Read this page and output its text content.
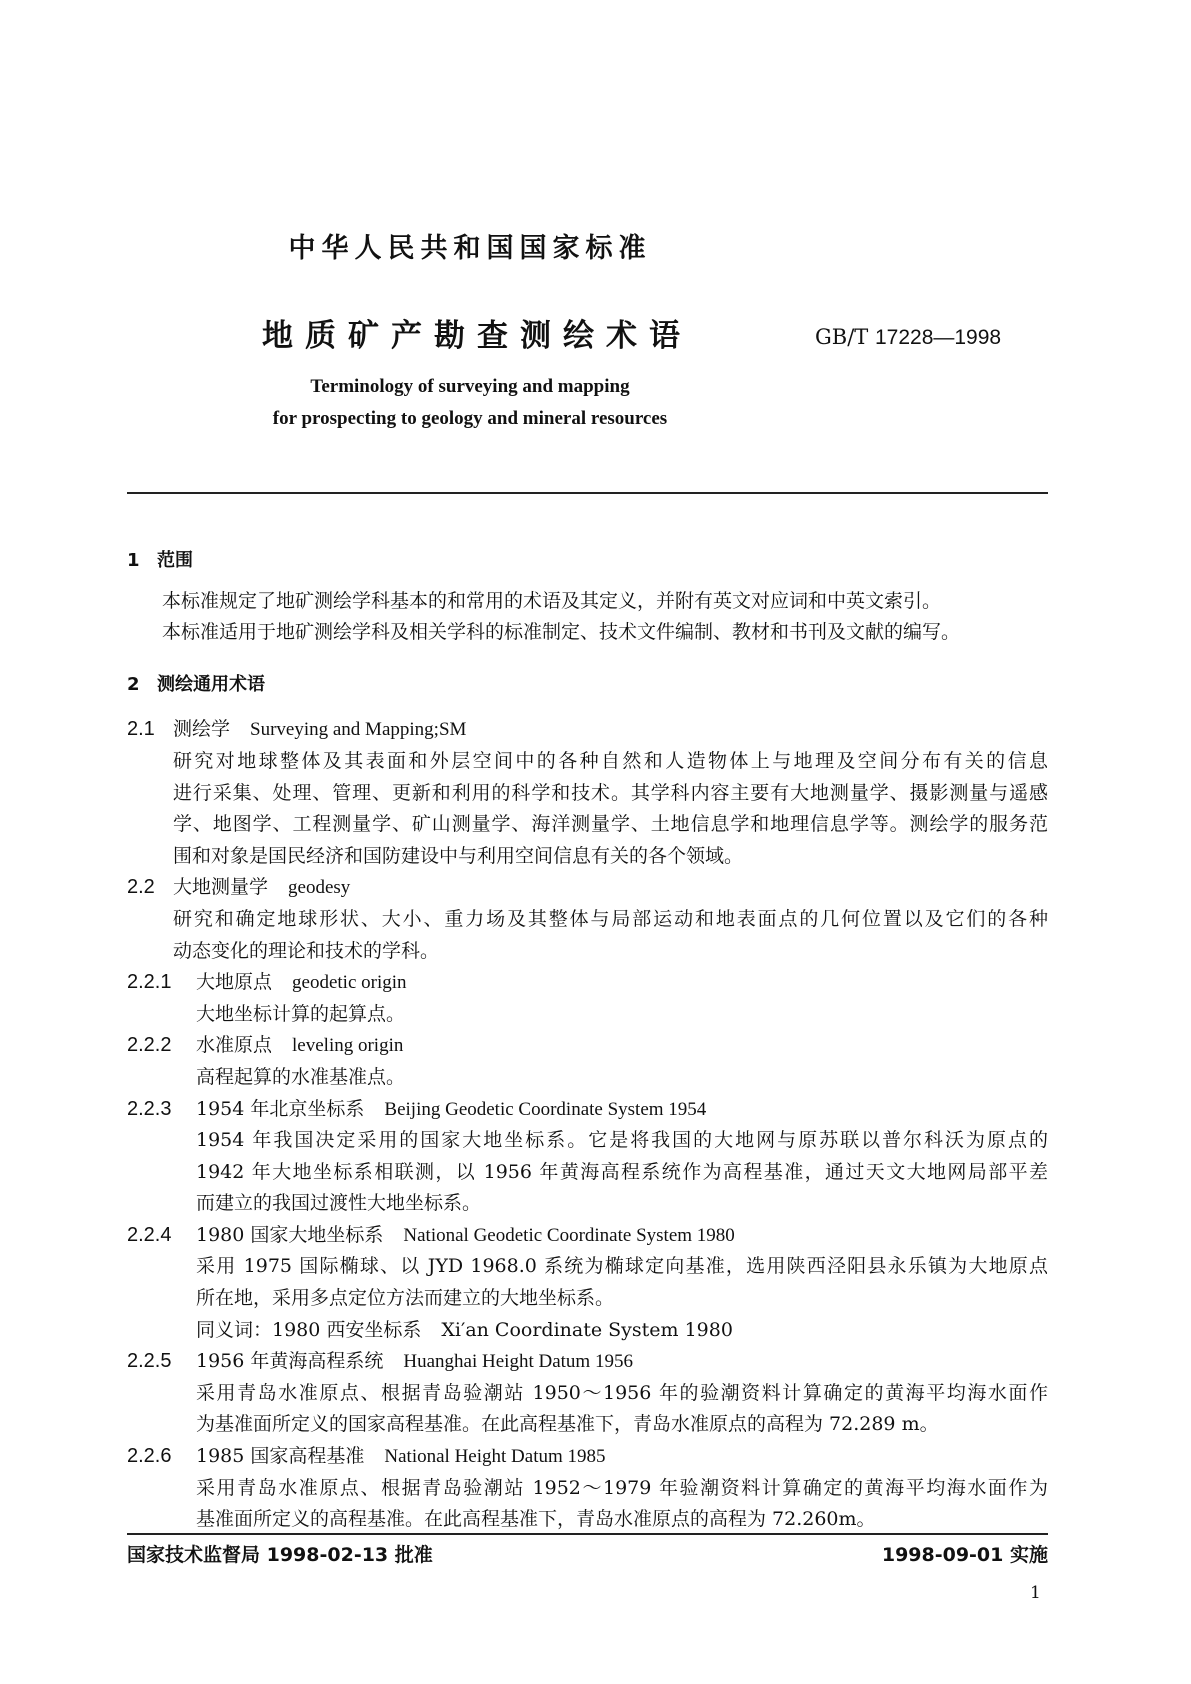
中华人民共和国国家标准
地质矿产勘查测绘术语	GB/T 17228—1998
Terminology of surveying and mapping
for prospecting to geology and mineral resources
1 范围
本标准规定了地矿测绘学科基本的和常用的术语及其定义，并附有英文对应词和中英文索引。
本标准适用于地矿测绘学科及相关学科的标准制定、技术文件编制、教材和书刊及文献的编写。
2 测绘通用术语
2.1 测绘学 Surveying and Mapping;SM
研究对地球整体及其表面和外层空间中的各种自然和人造物体上与地理及空间分布有关的信息
进行采集、处理、管理、更新和利用的科学和技术。其学科内容主要有大地测量学、摄影测量与遥感
学、地图学、工程测量学、矿山测量学、海洋测量学、土地信息学和地理信息学等。测绘学的服务范
围和对象是国民经济和国防建设中与利用空间信息有关的各个领域。
2.2 大地测量学 geodesy
研究和确定地球形状、大小、重力场及其整体与局部运动和地表面点的几何位置以及它们的各种
动态变化的理论和技术的学科。
2.2.1 大地原点 geodetic origin
大地坐标计算的起算点。
2.2.2 水准原点 leveling origin
高程起算的水准基准点。
2.2.3 1954 年北京坐标系 Beijing Geodetic Coordinate System 1954
1954 年我国决定采用的国家大地坐标系。它是将我国的大地网与原苏联以普尔科沃为原点的
1942 年大地坐标系相联测，以 1956 年黄海高程系统作为高程基准，通过天文大地网局部平差
而建立的我国过渡性大地坐标系。
2.2.4 1980 国家大地坐标系 National Geodetic Coordinate System 1980
采用 1975 国际椭球、以 JYD 1968.0 系统为椭球定向基准，选用陕西泾阳县永乐镇为大地原点
所在地，采用多点定位方法而建立的大地坐标系。
同义词：1980 西安坐标系 Xi′an Coordinate System 1980
2.2.5 1956 年黄海高程系统 Huanghai Height Datum 1956
采用青岛水准原点、根据青岛验潮站 1950～1956 年的验潮资料计算确定的黄海平均海水面作
为基准面所定义的国家高程基准。在此高程基准下，青岛水准原点的高程为 72.289 m。
2.2.6 1985 国家高程基准 National Height Datum 1985
采用青岛水准原点、根据青岛验潮站 1952～1979 年验潮资料计算确定的黄海平均海水面作为
基准面所定义的高程基准。在此高程基准下，青岛水准原点的高程为 72.260m。
国家技术监督局 1998-02-13 批准	1998-09-01 实施
1
